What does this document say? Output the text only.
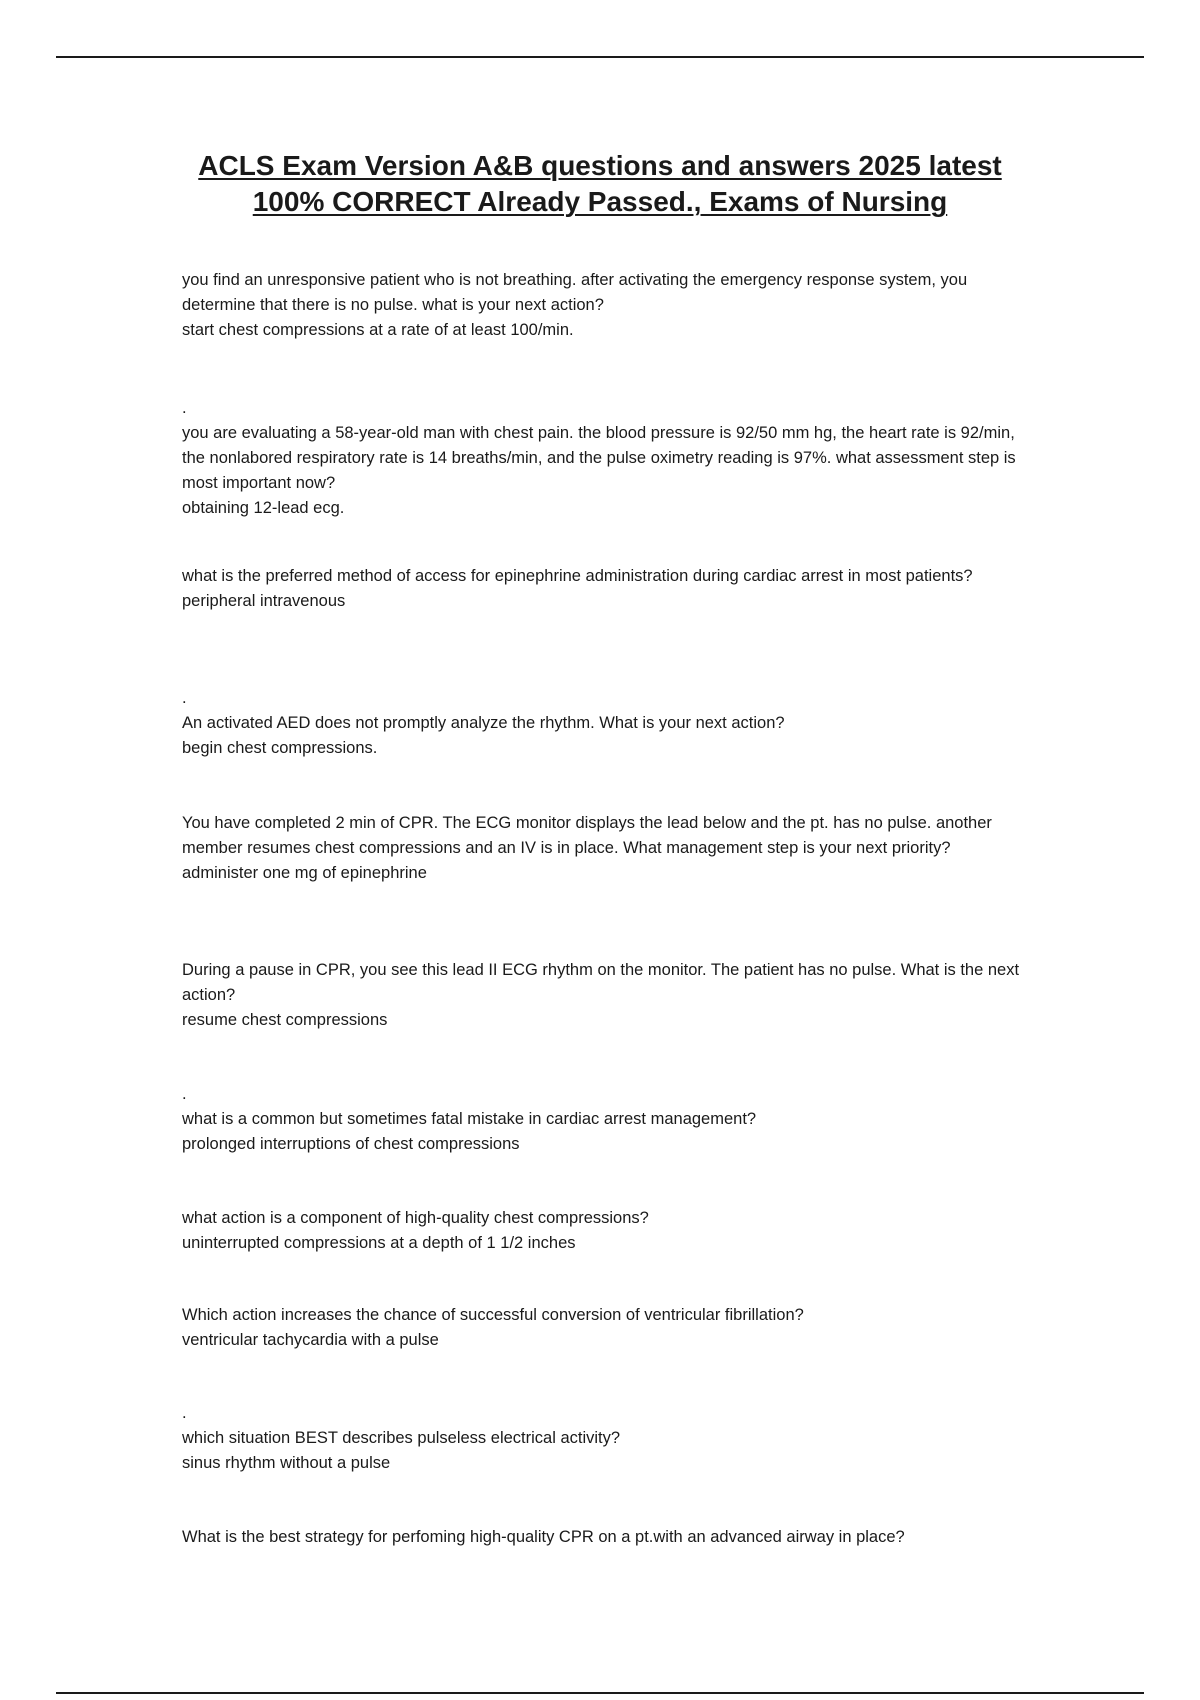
ACLS Exam Version A&B questions and answers 2025 latest
100% CORRECT Already Passed., Exams of Nursing
you find an unresponsive patient who is not breathing. after activating the emergency response system, you determine that there is no pulse. what is your next action?
start chest compressions at a rate of at least 100/min.
.
you are evaluating a 58-year-old man with chest pain. the blood pressure is 92/50 mm hg, the heart rate is 92/min, the nonlabored respiratory rate is 14 breaths/min, and the pulse oximetry reading is 97%. what assessment step is most important now?
obtaining 12-lead ecg.
what is the preferred method of access for epinephrine administration during cardiac arrest in most patients?
peripheral intravenous
.
An activated AED does not promptly analyze the rhythm. What is your next action?
begin chest compressions.
You have completed 2 min of CPR. The ECG monitor displays the lead below and the pt. has no pulse. another member resumes chest compressions and an IV is in place. What management step is your next priority?
administer one mg of epinephrine
During a pause in CPR, you see this lead II ECG rhythm on the monitor. The patient has no pulse. What is the next action?
resume chest compressions
.
what is a common but sometimes fatal mistake in cardiac arrest management?
prolonged interruptions of chest compressions
what action is a component of high-quality chest compressions?
uninterrupted compressions at a depth of 1 1/2 inches
Which action increases the chance of successful conversion of ventricular fibrillation?
ventricular tachycardia with a pulse
.
which situation BEST describes pulseless electrical activity?
sinus rhythm without a pulse
What is the best strategy for perfoming high-quality CPR on a pt.with an advanced airway in place?
